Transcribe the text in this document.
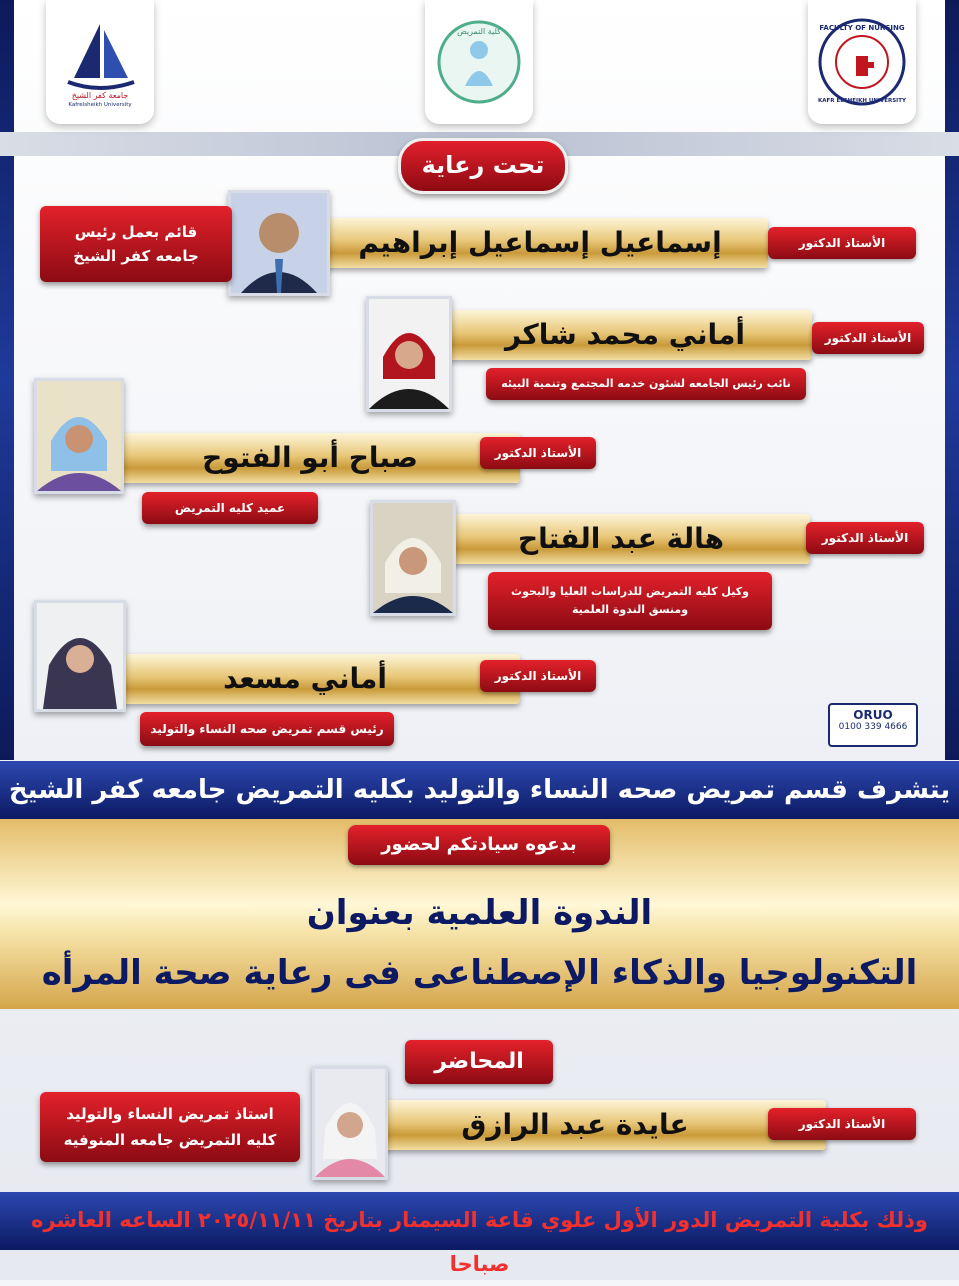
جامعة كفر الشيخ
Kafrelsheikh University
كلية التمريض	FACULTY OF NURSING
KAFR ELSHEIKH UNIVERSITY
تحت رعاية
إسماعيل إسماعيل إبراهيم	الأستاذ الدكتور
قائم بعمل رئيس
جامعه كفر الشيخ
أماني محمد شاكر	الأستاذ الدكتور
نائب رئيس الجامعه لشئون خدمه المجتمع وتنمية البيئه
صباح أبو الفتوح	الأستاذ الدكتور
عميد كليه التمريض
هالة عبد الفتاح	الأستاذ الدكتور
وكيل كليه التمريض للدراسات العليا والبحوث
ومنسق الندوة العلمية
أماني مسعد	الأستاذ الدكتور
رئيس قسم تمريض صحه النساء والتوليد
ORUO
0100 339 4666
يتشرف قسم تمريض صحه النساء والتوليد بكليه التمريض جامعه كفر الشيخ
بدعوه سيادتكم لحضور
الندوة العلمية بعنوان
التكنولوجيا والذكاء الإصطناعى فى رعاية صحة المرأه
المحاضر
عايدة عبد الرازق	الأستاذ الدكتور
استاذ تمريض النساء والتوليد
كليه التمريض جامعه المنوفيه
وذلك بكلية التمريض الدور الأول علوي قاعة السيمنار بتاريخ ٢٠٢٥/١١/١١ الساعه العاشره صباحا
